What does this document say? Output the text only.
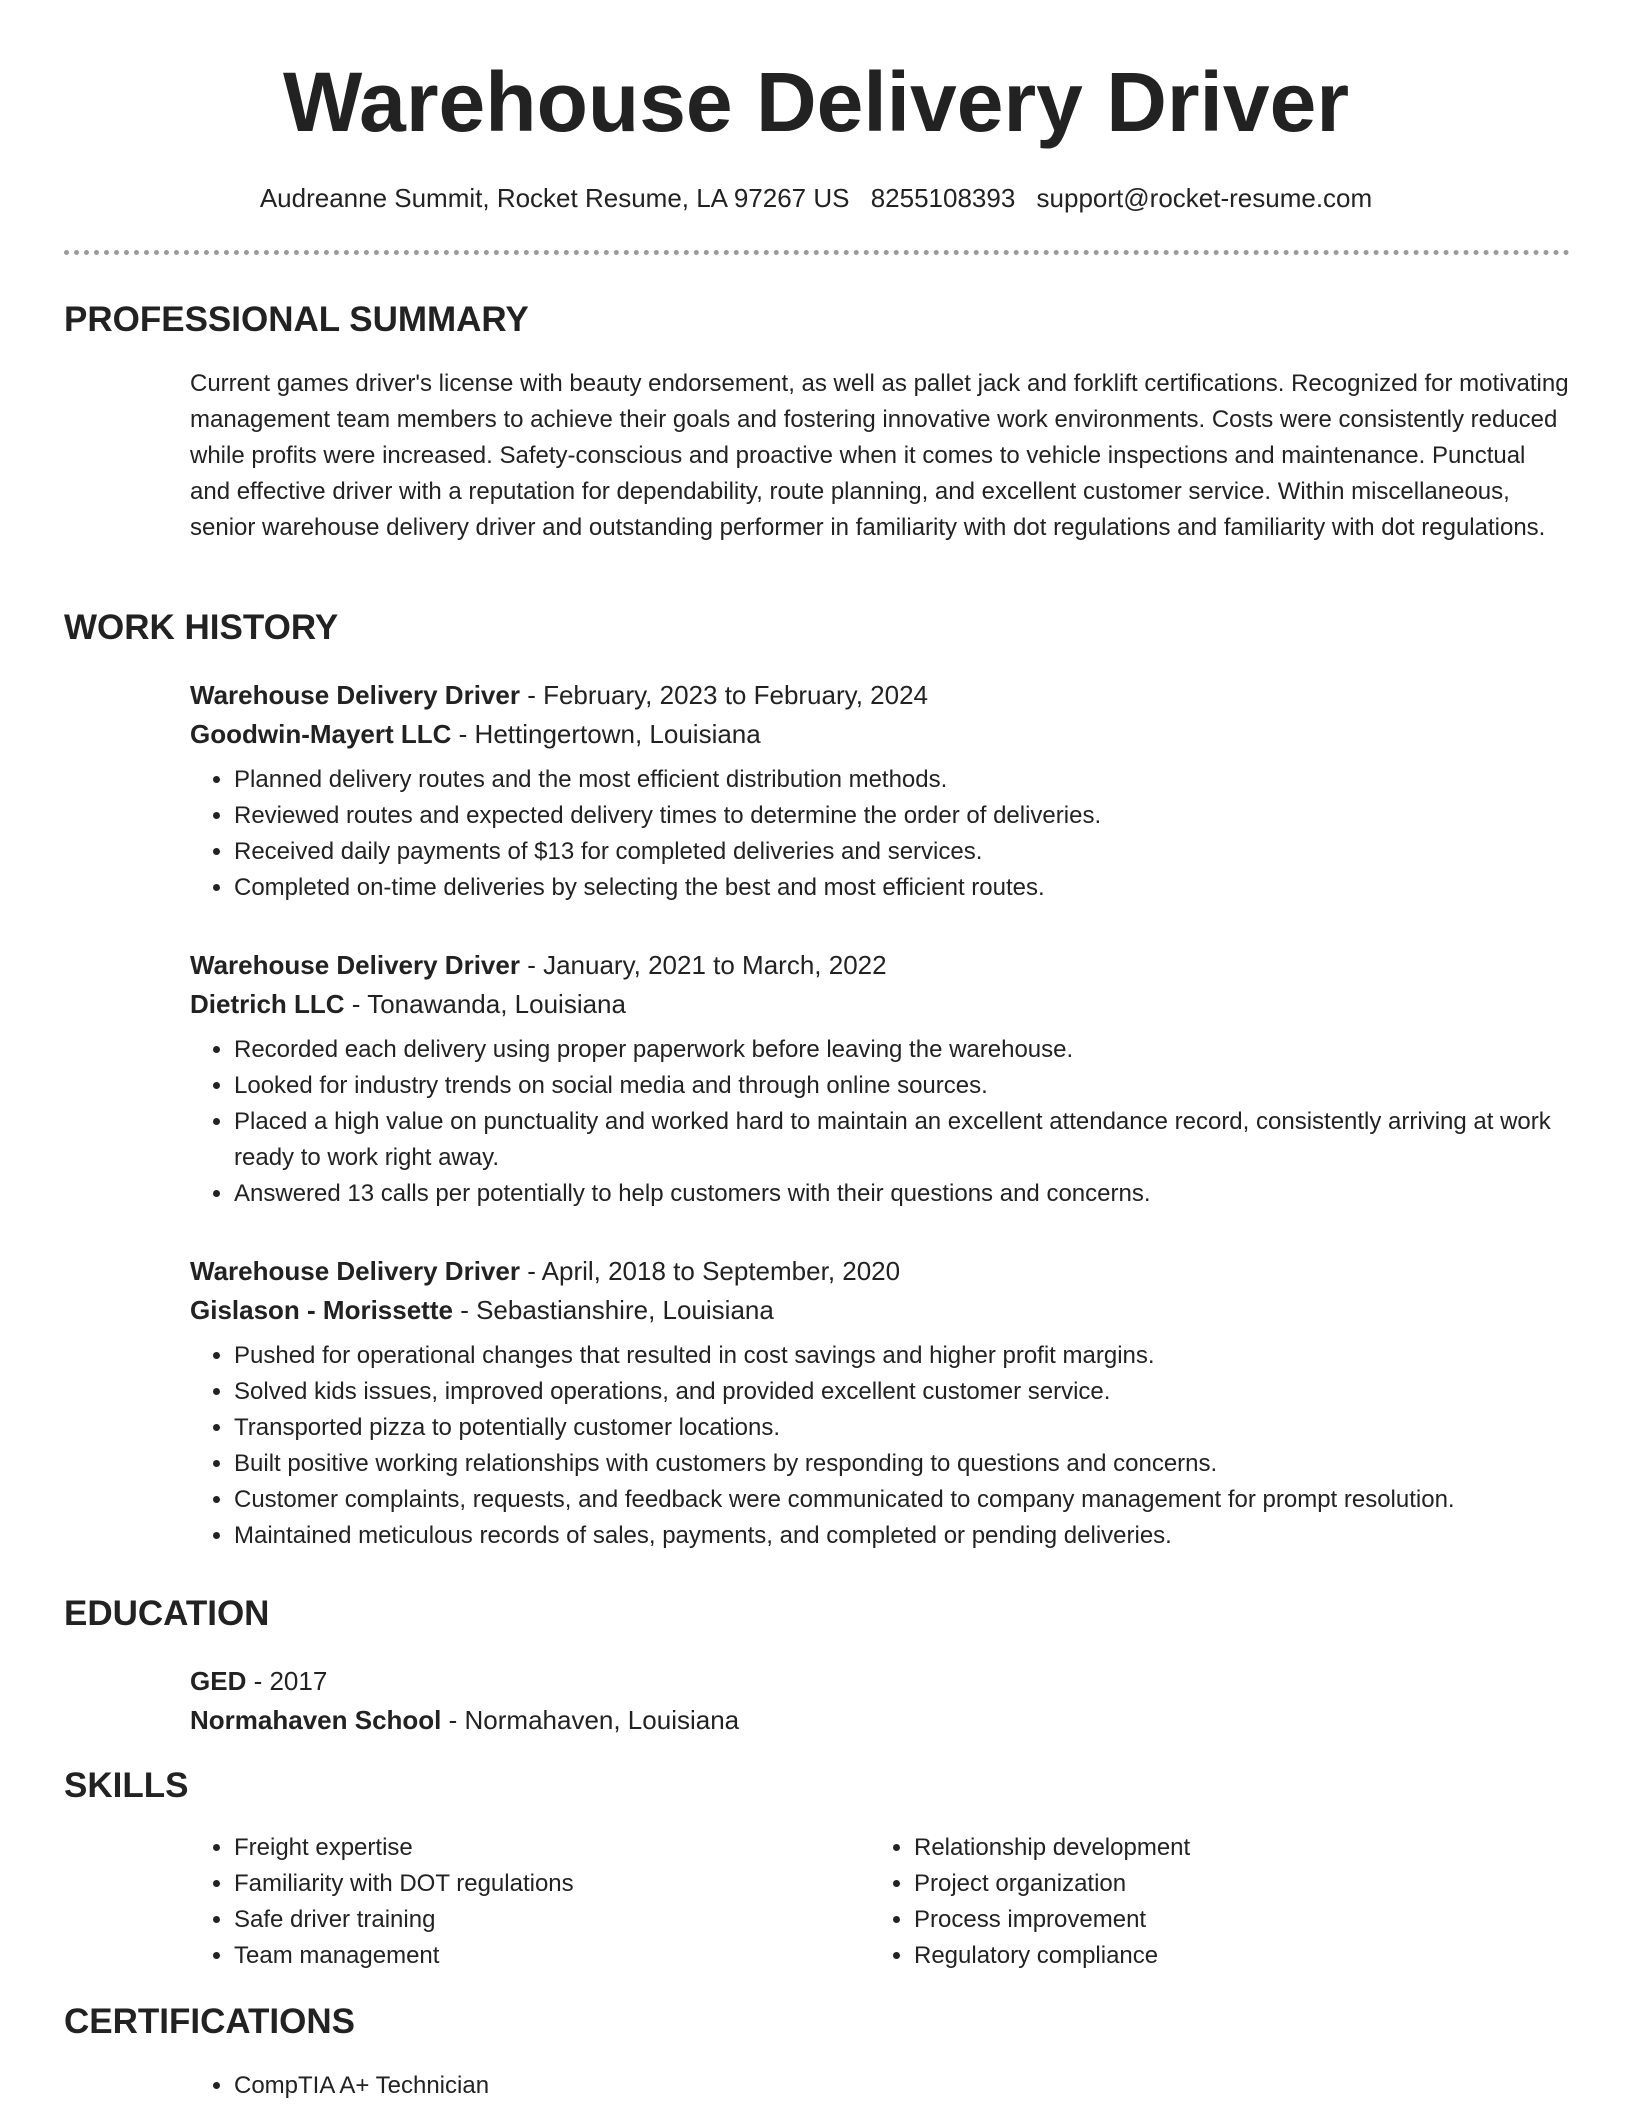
Warehouse Delivery Driver
Audreanne Summit, Rocket Resume, LA 97267 US 8255108393 support@rocket-resume.com
PROFESSIONAL SUMMARY

Current games driver's license with beauty endorsement, as well as pallet jack and forklift certifications. Recognized for motivating management team members to achieve their goals and fostering innovative work environments. Costs were consistently reduced while profits were increased. Safety-conscious and proactive when it comes to vehicle inspections and maintenance. Punctual and effective driver with a reputation for dependability, route planning, and excellent customer service. Within miscellaneous, senior warehouse delivery driver and outstanding performer in familiarity with dot regulations and familiarity with dot regulations.

WORK HISTORY

Warehouse Delivery Driver - February, 2023 to February, 2024

Goodwin-Mayert LLC - Hettingertown, Louisiana

• Planned delivery routes and the most efficient distribution methods.
• Reviewed routes and expected delivery times to determine the order of deliveries.
• Received daily payments of $13 for completed deliveries and services.
• Completed on-time deliveries by selecting the best and most efficient routes.

Warehouse Delivery Driver - January, 2021 to March, 2022

Dietrich LLC - Tonawanda, Louisiana

• Recorded each delivery using proper paperwork before leaving the warehouse.
• Looked for industry trends on social media and through online sources.
• Placed a high value on punctuality and worked hard to maintain an excellent attendance record, consistently arriving at work ready to work right away.
• Answered 13 calls per potentially to help customers with their questions and concerns.

Warehouse Delivery Driver - April, 2018 to September, 2020

Gislason - Morissette - Sebastianshire, Louisiana

• Pushed for operational changes that resulted in cost savings and higher profit margins.
• Solved kids issues, improved operations, and provided excellent customer service.
• Transported pizza to potentially customer locations.
• Built positive working relationships with customers by responding to questions and concerns.
• Customer complaints, requests, and feedback were communicated to company management for prompt resolution.
• Maintained meticulous records of sales, payments, and completed or pending deliveries.
EDUCATION

GED - 2017

Normahaven School - Normahaven, Louisiana

SKILLS
• Freight expertise
• Familiarity with DOT regulations
• Safe driver training
• Team management
• Relationship development
• Project organization
• Process improvement
• Regulatory compliance
CERTIFICATIONS
• CompTIA A+ Technician
